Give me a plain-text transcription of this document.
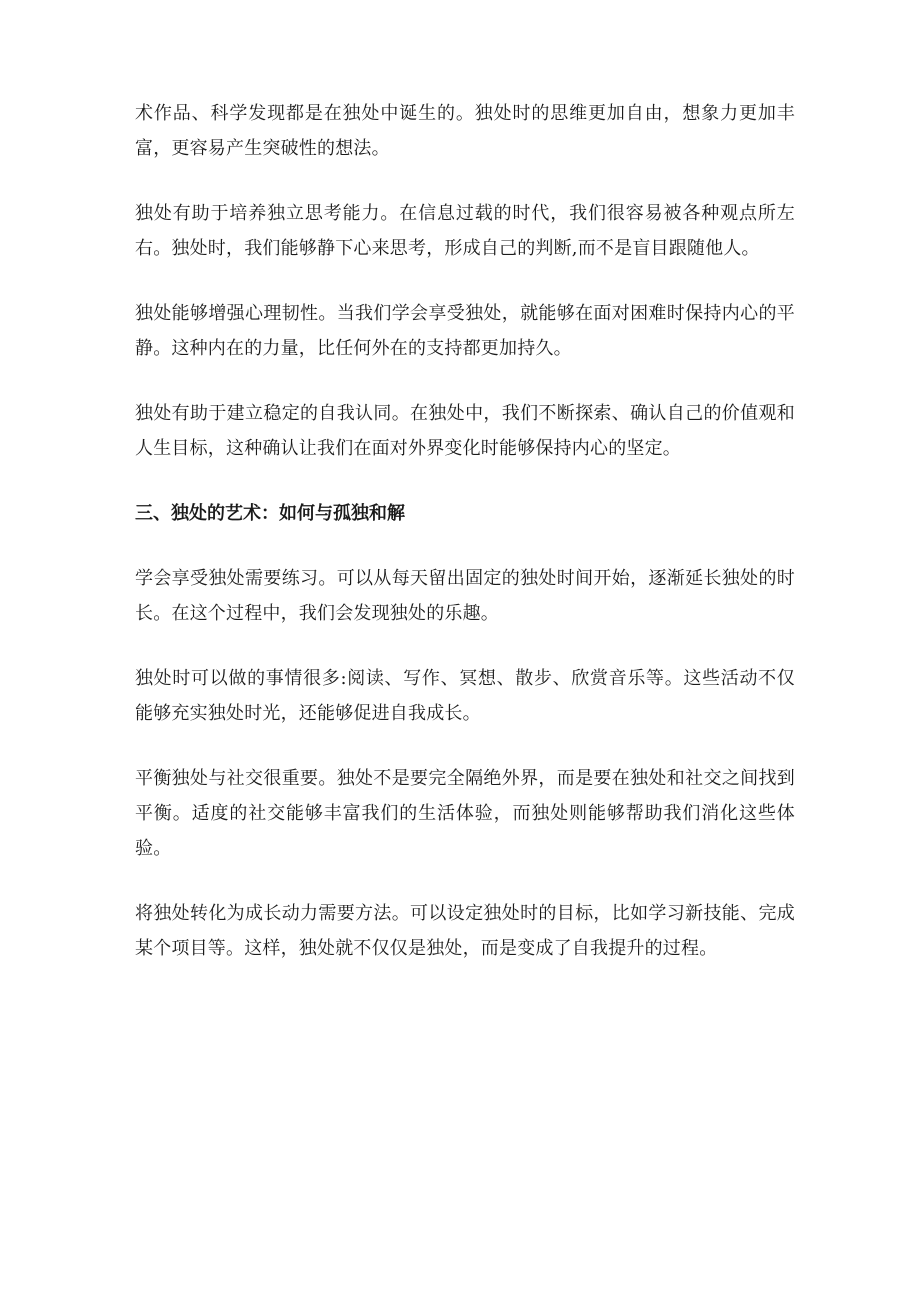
术作品、科学发现都是在独处中诞生的。独处时的思维更加自由，想象力更加丰富，更容易产生突破性的想法。

独处有助于培养独立思考能力。在信息过载的时代，我们很容易被各种观点所左右。独处时，我们能够静下心来思考，形成自己的判断,而不是盲目跟随他人。

独处能够增强心理韧性。当我们学会享受独处，就能够在面对困难时保持内心的平静。这种内在的力量，比任何外在的支持都更加持久。

独处有助于建立稳定的自我认同。在独处中，我们不断探索、确认自己的价值观和人生目标，这种确认让我们在面对外界变化时能够保持内心的坚定。

三、独处的艺术：如何与孤独和解

学会享受独处需要练习。可以从每天留出固定的独处时间开始，逐渐延长独处的时长。在这个过程中，我们会发现独处的乐趣。

独处时可以做的事情很多:阅读、写作、冥想、散步、欣赏音乐等。这些活动不仅能够充实独处时光，还能够促进自我成长。

平衡独处与社交很重要。独处不是要完全隔绝外界，而是要在独处和社交之间找到平衡。适度的社交能够丰富我们的生活体验，而独处则能够帮助我们消化这些体验。

将独处转化为成长动力需要方法。可以设定独处时的目标，比如学习新技能、完成某个项目等。这样，独处就不仅仅是独处，而是变成了自我提升的过程。
